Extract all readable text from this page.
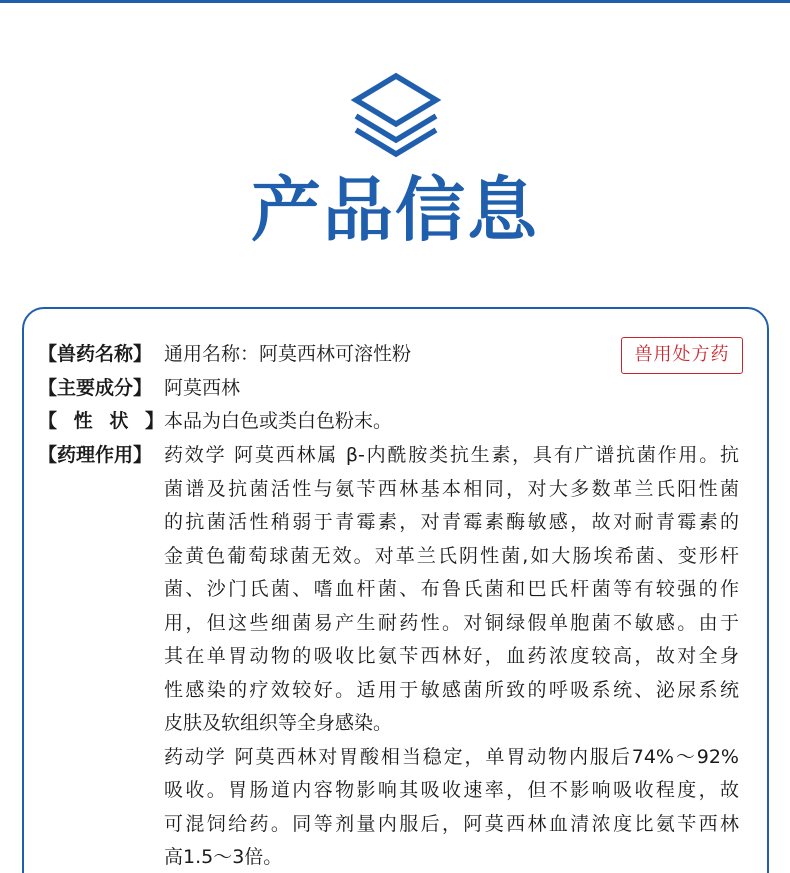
产品信息
兽用处方药
【兽药名称】 通用名称：阿莫西林可溶性粉
【主要成分】 阿莫西林
【 性 状 】 本品为白色或类白色粉末。
【药理作用】 药效学 阿莫西林属 β-内酰胺类抗生素，具有广谱抗菌作用。抗
菌谱及抗菌活性与氨苄西林基本相同，对大多数革兰氏阳性菌
的抗菌活性稍弱于青霉素，对青霉素酶敏感，故对耐青霉素的
金黄色葡萄球菌无效。对革兰氏阴性菌,如大肠埃希菌、变形杆
菌、沙门氏菌、嗜血杆菌、布鲁氏菌和巴氏杆菌等有较强的作
用，但这些细菌易产生耐药性。对铜绿假单胞菌不敏感。由于
其在单胃动物的吸收比氨苄西林好，血药浓度较高，故对全身
性感染的疗效较好。适用于敏感菌所致的呼吸系统、泌尿系统
皮肤及软组织等全身感染。
药动学 阿莫西林对胃酸相当稳定，单胃动物内服后74%～92%
吸收。胃肠道内容物影响其吸收速率，但不影响吸收程度，故
可混饲给药。同等剂量内服后，阿莫西林血清浓度比氨苄西林
高1.5～3倍。
